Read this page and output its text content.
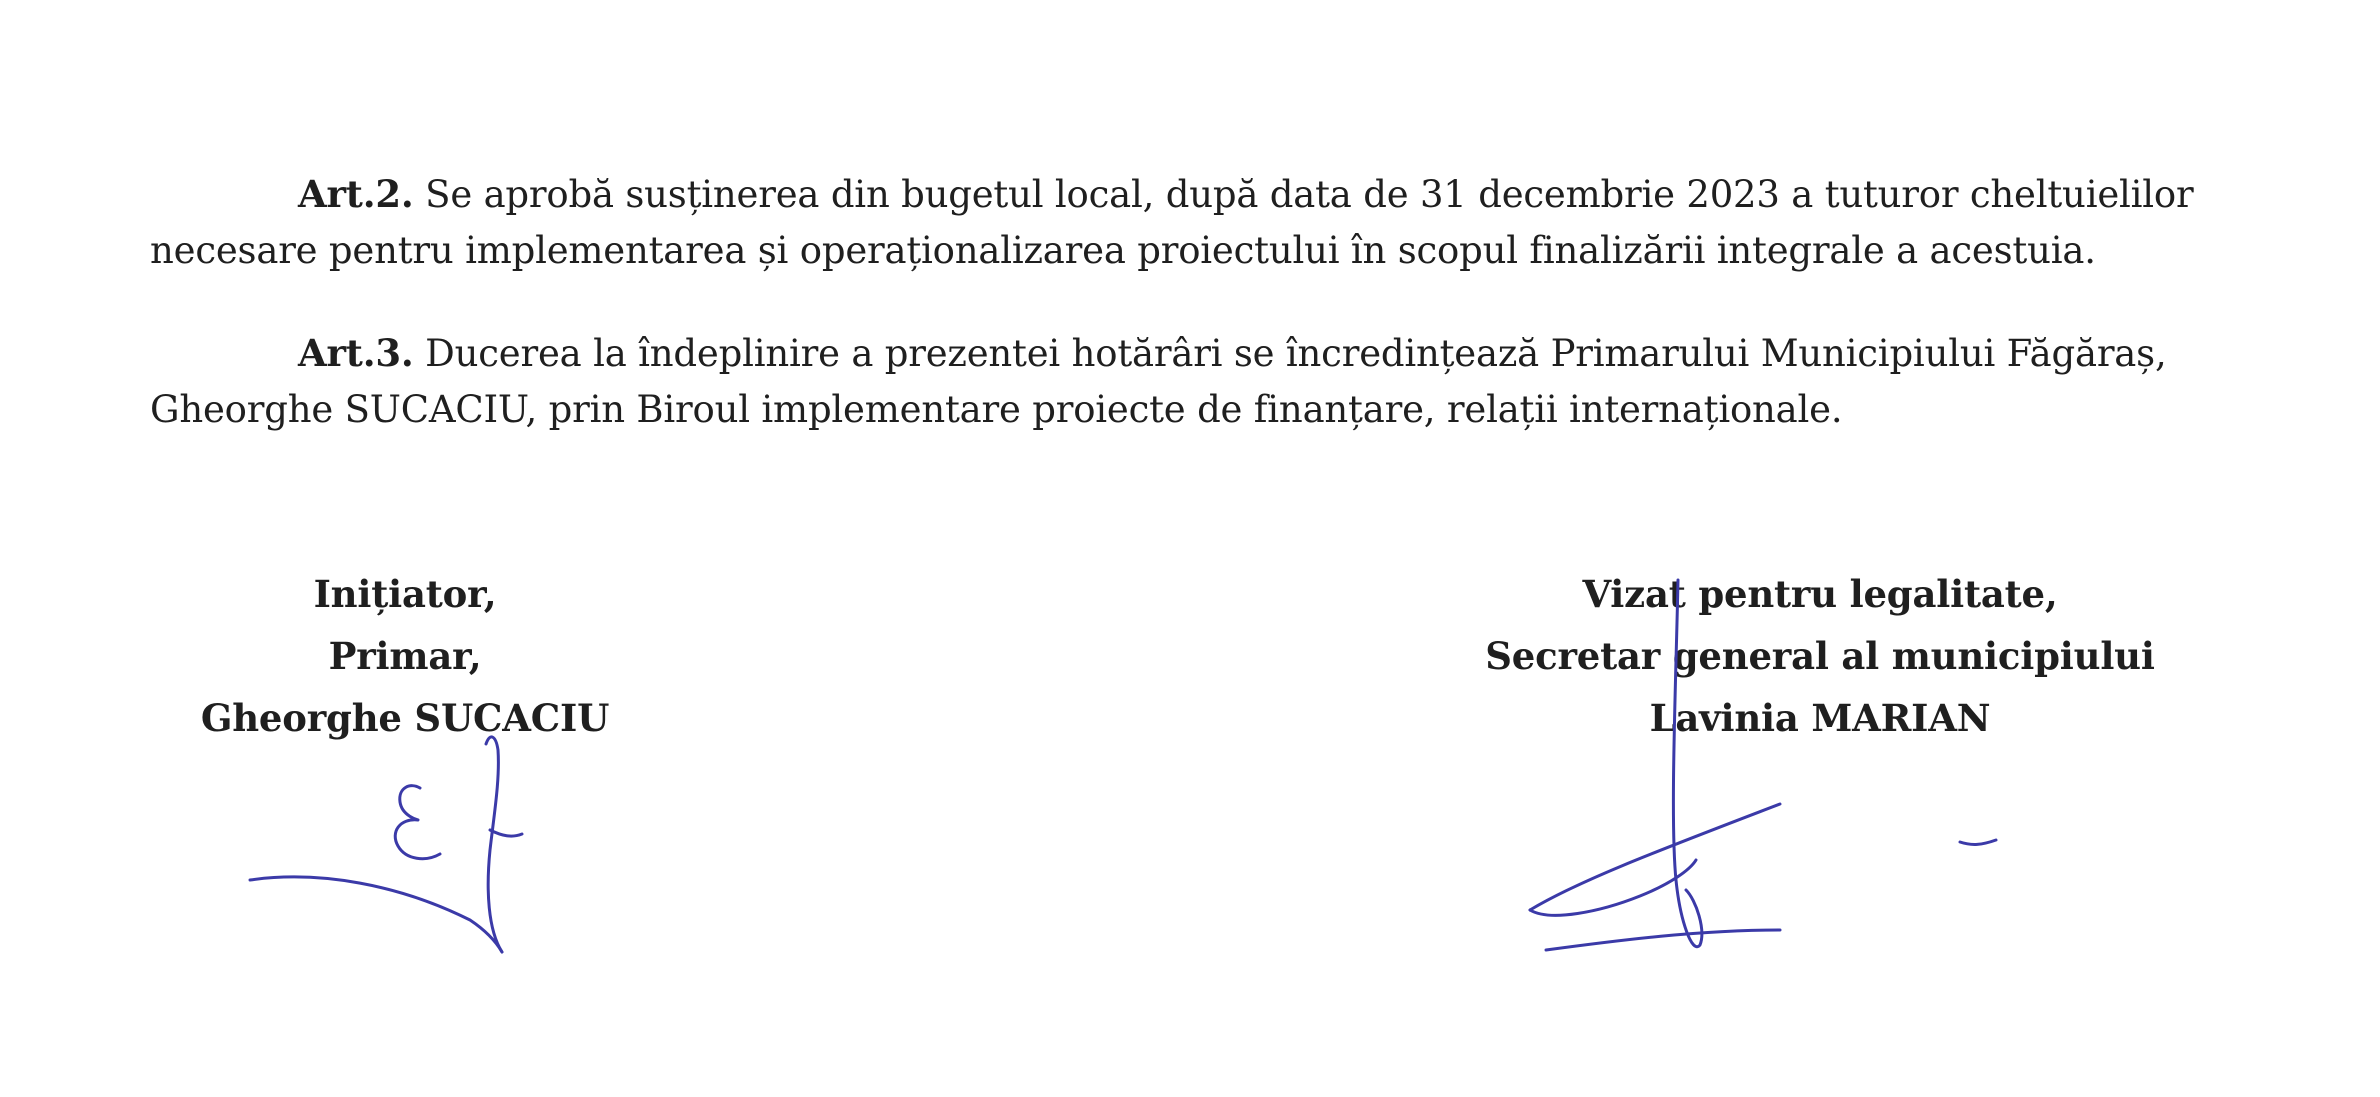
Art.2. Se aprobă susținerea din bugetul local, după data de 31 decembrie 2023 a tuturor cheltuielilor necesare pentru implementarea și operaționalizarea proiectului în scopul finalizării integrale a acestuia.

Art.3. Ducerea la îndeplinire a prezentei hotărâri se încredințează Primarului Municipiului Făgăraș, Gheorghe SUCACIU, prin Biroul implementare proiecte de finanțare, relații internaționale.

Inițiator,
Primar,
Gheorghe SUCACIU
Vizat pentru legalitate,
Secretar general al municipiului
Lavinia MARIAN
